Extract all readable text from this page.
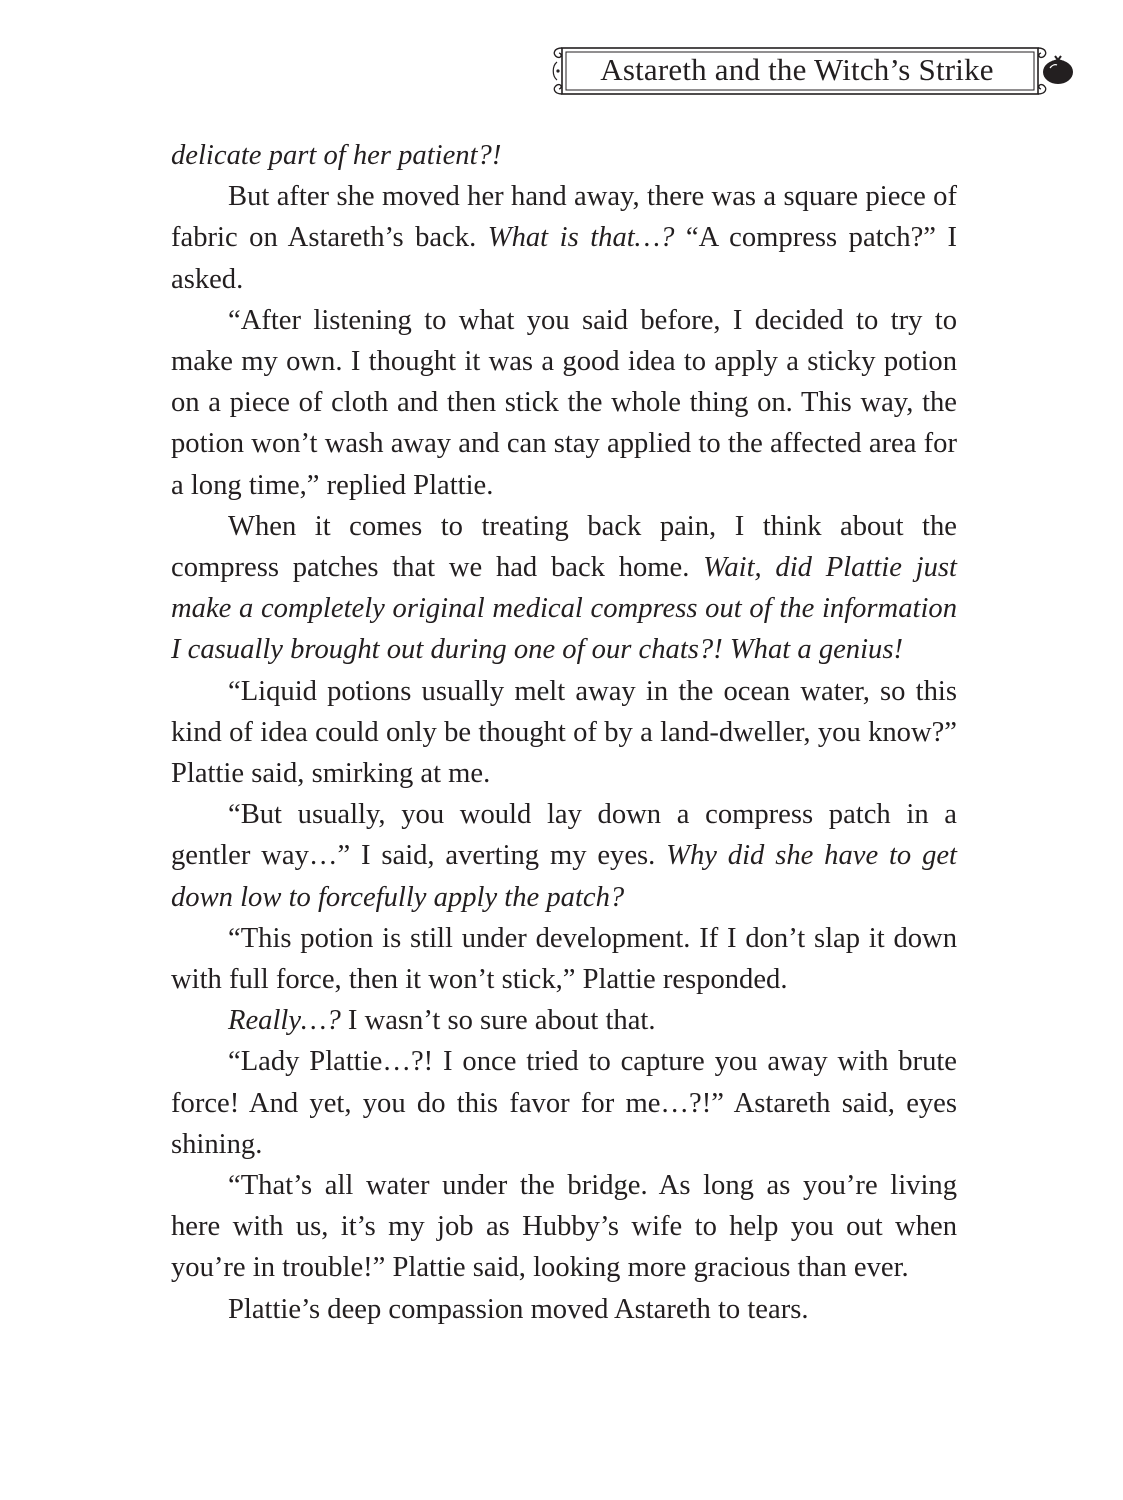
Astareth and the Witch’s Strike

delicate part of her patient?!

But after she moved her hand away, there was a square piece of fabric on Astareth’s back. What is that…? “A compress patch?” I asked.

“After listening to what you said before, I decided to try to make my own. I thought it was a good idea to apply a sticky potion on a piece of cloth and then stick the whole thing on. This way, the potion won’t wash away and can stay applied to the affected area for a long time,” replied Plattie.

When it comes to treating back pain, I think about the compress patches that we had back home. Wait, did Plattie just make a completely original medical compress out of the information I casually brought out during one of our chats?! What a genius!

“Liquid potions usually melt away in the ocean water, so this kind of idea could only be thought of by a land-dweller, you know?” Plattie said, smirking at me.

“But usually, you would lay down a compress patch in a gentler way…” I said, averting my eyes. Why did she have to get down low to forcefully apply the patch?

“This potion is still under development. If I don’t slap it down with full force, then it won’t stick,” Plattie responded.

Really…? I wasn’t so sure about that.

“Lady Plattie…?! I once tried to capture you away with brute force! And yet, you do this favor for me…?!” Astareth said, eyes shining.

“That’s all water under the bridge. As long as you’re living here with us, it’s my job as Hubby’s wife to help you out when you’re in trouble!” Plattie said, looking more gracious than ever.

Plattie’s deep compassion moved Astareth to tears.
